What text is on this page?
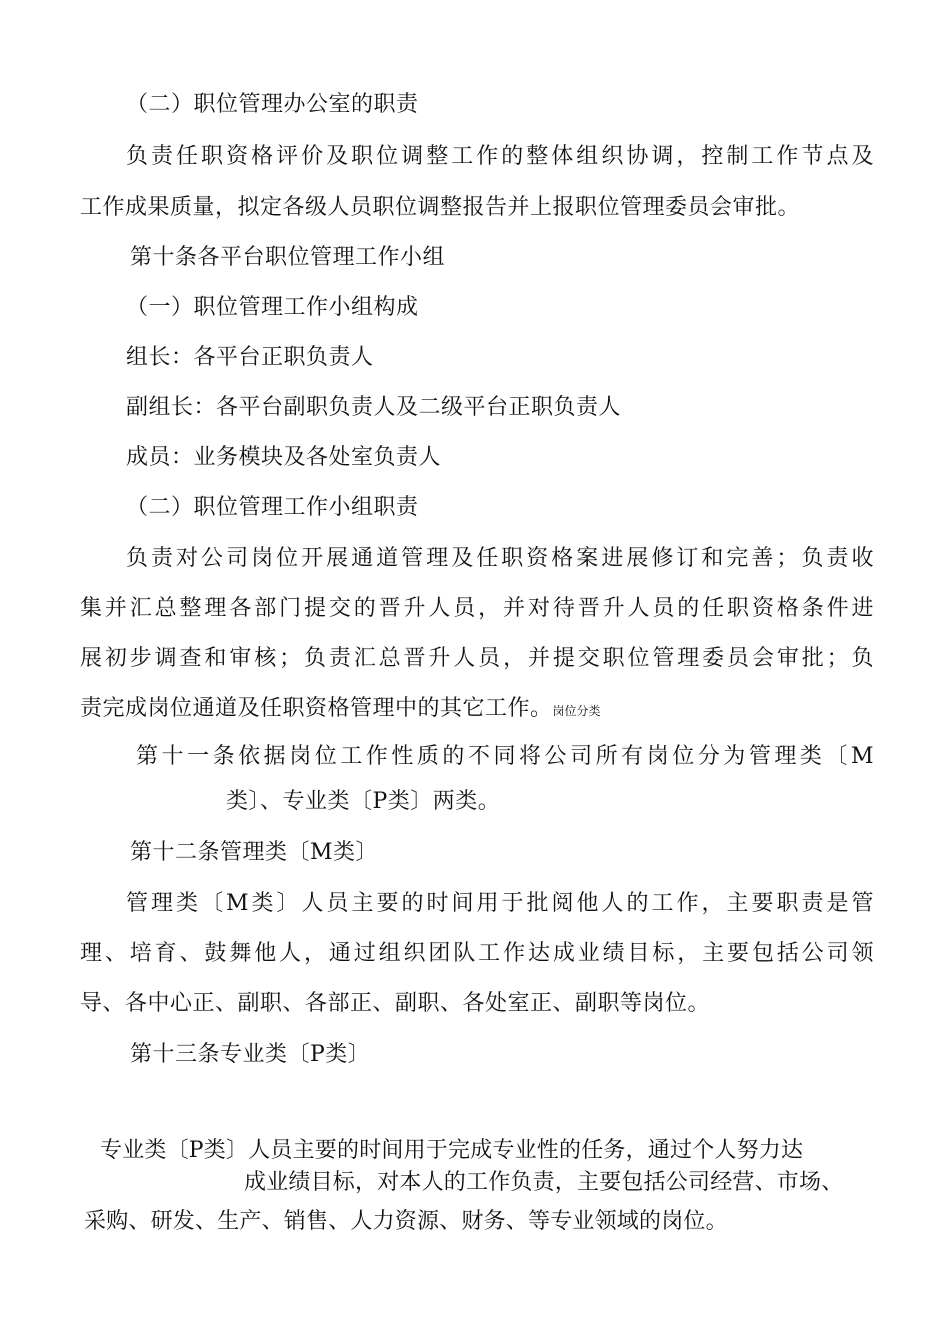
（二）职位管理办公室的职责
负责任职资格评价及职位调整工作的整体组织协调，控制工作节点及
工作成果质量，拟定各级人员职位调整报告并上报职位管理委员会审批。
第十条各平台职位管理工作小组
（一）职位管理工作小组构成
组长：各平台正职负责人
副组长：各平台副职负责人及二级平台正职负责人
成员：业务模块及各处室负责人
（二）职位管理工作小组职责
负责对公司岗位开展通道管理及任职资格案进展修订和完善；负责收
集并汇总整理各部门提交的晋升人员，并对待晋升人员的任职资格条件进
展初步调查和审核；负责汇总晋升人员，并提交职位管理委员会审批；负
责完成岗位通道及任职资格管理中的其它工作。岗位分类
第十一条依据岗位工作性质的不同将公司所有岗位分为管理类〔M
类〕、专业类〔P类〕两类。
第十二条管理类〔M类〕
管理类〔M类〕人员主要的时间用于批阅他人的工作，主要职责是管
理、培育、鼓舞他人，通过组织团队工作达成业绩目标，主要包括公司领
导、各中心正、副职、各部正、副职、各处室正、副职等岗位。
第十三条专业类〔P类〕
专业类〔P类〕人员主要的时间用于完成专业性的任务，通过个人努力达
成业绩目标，对本人的工作负责，主要包括公司经营、市场、
采购、研发、生产、销售、人力资源、财务、等专业领域的岗位。
